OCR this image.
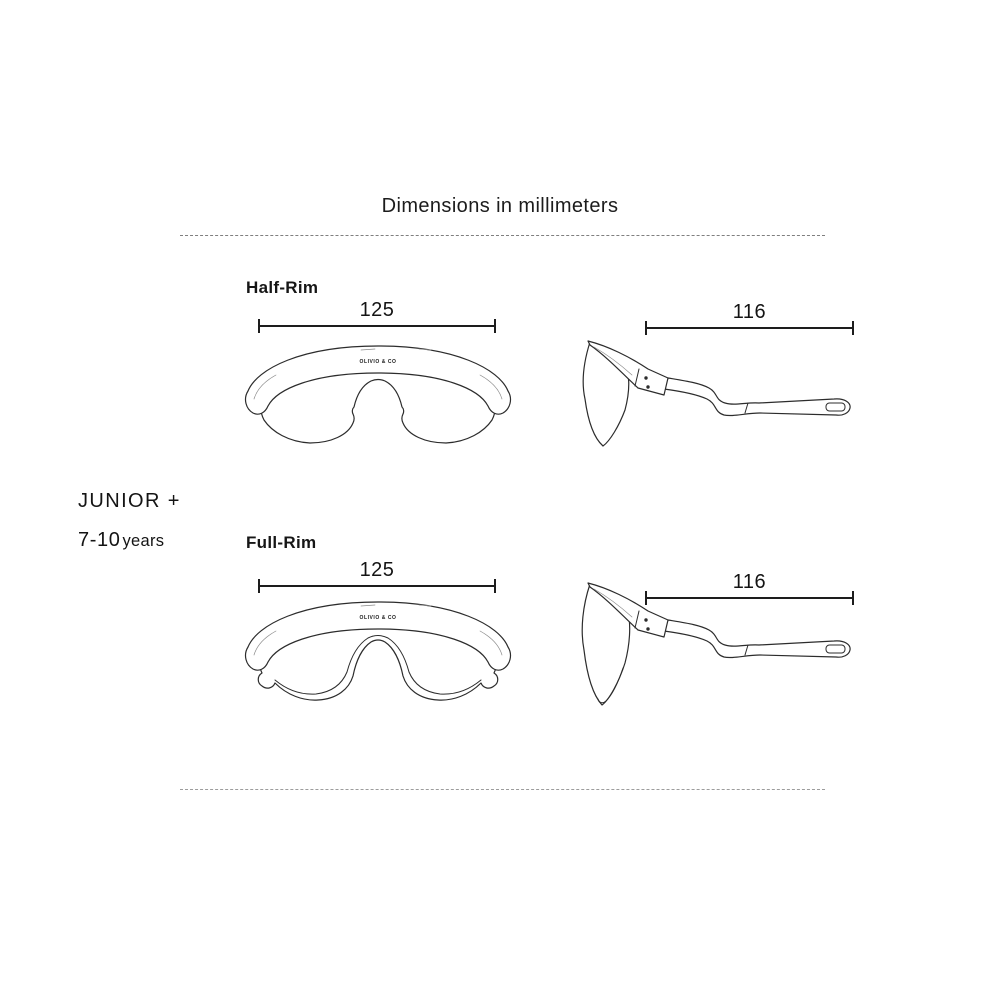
Dimensions in millimeters
JUNIOR +
7-10 years
Half-Rim
125
OLIVIO & CO
116
Full-Rim
125
OLIVIO & CO
116
